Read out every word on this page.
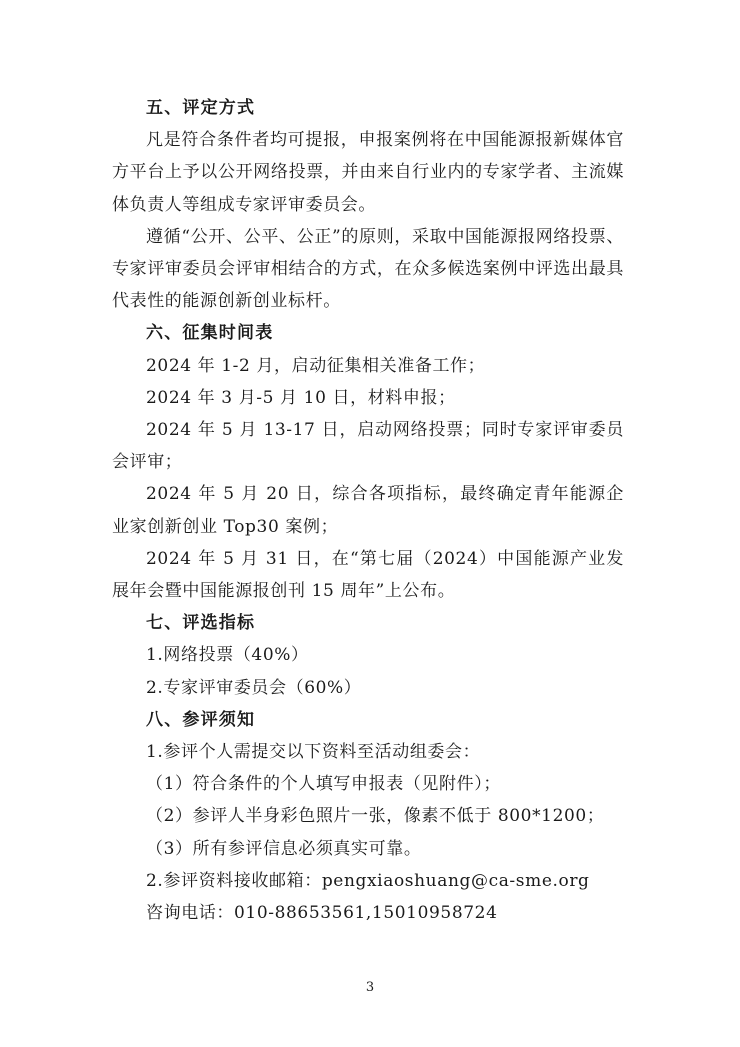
五、评定方式
凡是符合条件者均可提报，申报案例将在中国能源报新媒体官方平台上予以公开网络投票，并由来自行业内的专家学者、主流媒体负责人等组成专家评审委员会。
遵循“公开、公平、公正”的原则，采取中国能源报网络投票、专家评审委员会评审相结合的方式，在众多候选案例中评选出最具代表性的能源创新创业标杆。
六、征集时间表
2024 年 1-2 月，启动征集相关准备工作；
2024 年 3 月-5 月 10 日，材料申报；
2024 年 5 月 13-17 日，启动网络投票；同时专家评审委员会评审；
2024 年 5 月 20 日，综合各项指标，最终确定青年能源企业家创新创业 Top30 案例；
2024 年 5 月 31 日，在“第七届（2024）中国能源产业发展年会暨中国能源报创刊 15 周年”上公布。
七、评选指标
1.网络投票（40%）
2.专家评审委员会（60%）
八、参评须知
1.参评个人需提交以下资料至活动组委会：
（1）符合条件的个人填写申报表（见附件）；
（2）参评人半身彩色照片一张，像素不低于 800*1200；
（3）所有参评信息必须真实可靠。
2.参评资料接收邮箱：pengxiaoshuang@ca-sme.org
咨询电话：010-88653561,15010958724
3
